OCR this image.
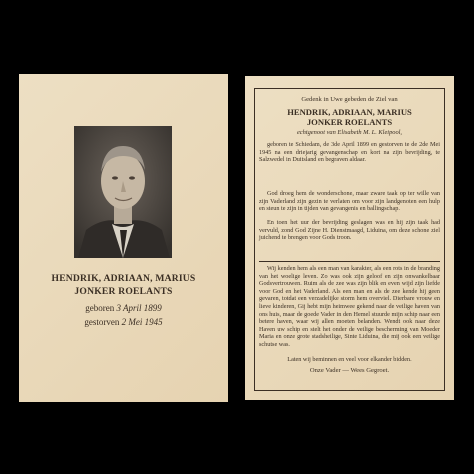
HENDRIK, ADRIAAN, MARIUS
JONKER ROELANTS
geboren 3 April 1899
gestorven 2 Mei 1945
Gedenk in Uwe gebeden de Ziel van
HENDRIK, ADRIAAN, MARIUS
JONKER ROELANTS
echtgenoot van Elisabeth M. L. Kleipool,
geboren te Schiedam, de 3de April 1899 en gestorven te de 2de Mei 1945 na een driejarig gevangenschap en kort na zijn bevrijding, te Salzwedel in Duitsland en begraven aldaar.
God droeg hem de wonderschone, maar zware taak op ter wille van zijn Vaderland zijn gezin te verlaten om voor zijn landgenoten een hulp en steun te zijn in tijden van gevangenis en ballingschap.
En toen het uur der bevrijding geslagen was en hij zijn taak had vervuld, zond God Zijne H. Dienstmaagd, Liduina, om deze schone ziel juichend te brengen voor Gods troon.
Wij kenden hem als een man van karakter, als een rots in de branding van het woelige leven. Zo was ook zijn geloof en zijn onwankelbaar Godsvertrouwen. Ruim als de zee was zijn blik en even wijd zijn liefde voor God en het Vaderland. Als een man en als de zee kende hij geen gevaren, totdat een verzadelijke storm hem overviel. Dierbare vrouw en lieve kinderen, Gij hebt mijn heimwee gekend naar de veilige haven van ons huis, maar de goede Vader in den Hemel stuurde mijn schip naar een betere haven, waar wij allen moeten belanden. Wendt ook naar deze Haven uw schip en stelt het onder de veilige bescherming van Moeder Maria en onze grote stadsheilige, Sinte Liduina, die mij ook een veilige schutse was.
Laten wij beminnen en veel voor elkander bidden.
Onze Vader — Wees Gegroet.
